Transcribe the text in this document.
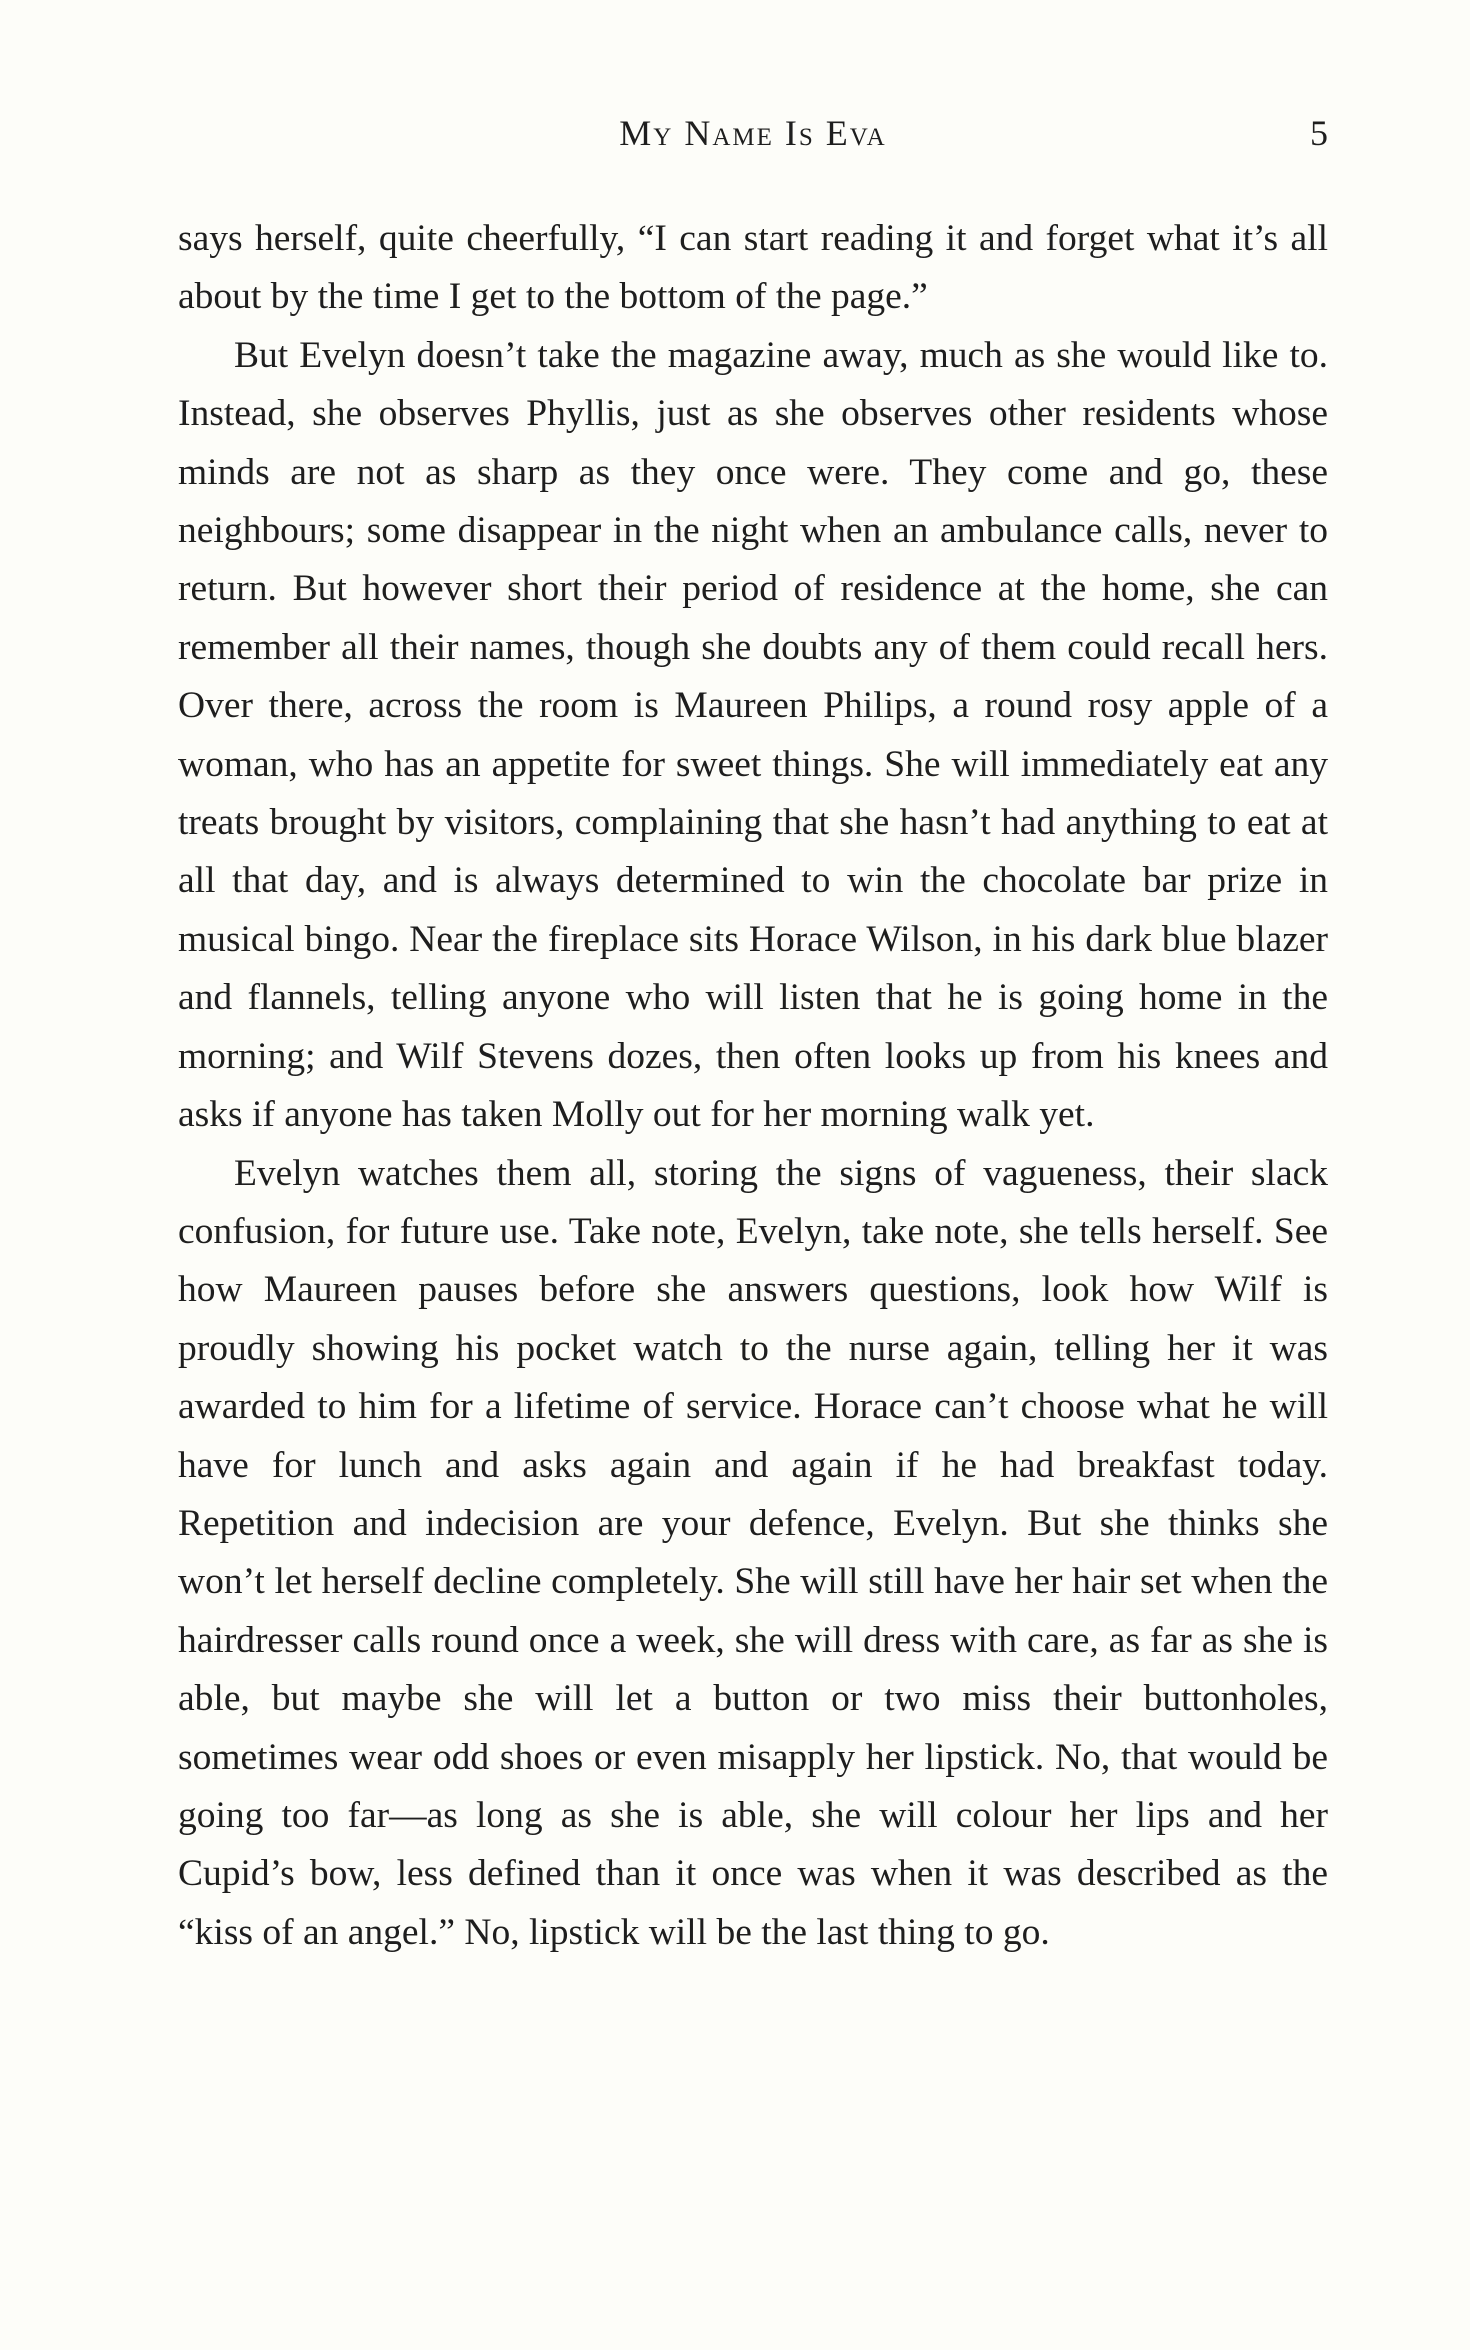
My Name Is Eva	5

says herself, quite cheerfully, “I can start reading it and forget what it’s all about by the time I get to the bottom of the page.”

But Evelyn doesn’t take the magazine away, much as she would like to. Instead, she observes Phyllis, just as she observes other residents whose minds are not as sharp as they once were. They come and go, these neighbours; some disappear in the night when an ambulance calls, never to return. But however short their period of residence at the home, she can remember all their names, though she doubts any of them could recall hers. Over there, across the room is Maureen Philips, a round rosy apple of a woman, who has an appetite for sweet things. She will immediately eat any treats brought by visitors, complaining that she hasn’t had anything to eat at all that day, and is always determined to win the chocolate bar prize in musical bingo. Near the fireplace sits Horace Wilson, in his dark blue blazer and flannels, telling anyone who will listen that he is going home in the morning; and Wilf Stevens dozes, then often looks up from his knees and asks if anyone has taken Molly out for her morning walk yet.

Evelyn watches them all, storing the signs of vagueness, their slack confusion, for future use. Take note, Evelyn, take note, she tells herself. See how Maureen pauses before she answers questions, look how Wilf is proudly showing his pocket watch to the nurse again, telling her it was awarded to him for a lifetime of service. Horace can’t choose what he will have for lunch and asks again and again if he had breakfast today. Repetition and indecision are your defence, Evelyn. But she thinks she won’t let herself decline completely. She will still have her hair set when the hairdresser calls round once a week, she will dress with care, as far as she is able, but maybe she will let a button or two miss their buttonholes, sometimes wear odd shoes or even misapply her lipstick. No, that would be going too far—as long as she is able, she will colour her lips and her Cupid’s bow, less defined than it once was when it was described as the “kiss of an angel.” No, lipstick will be the last thing to go.
